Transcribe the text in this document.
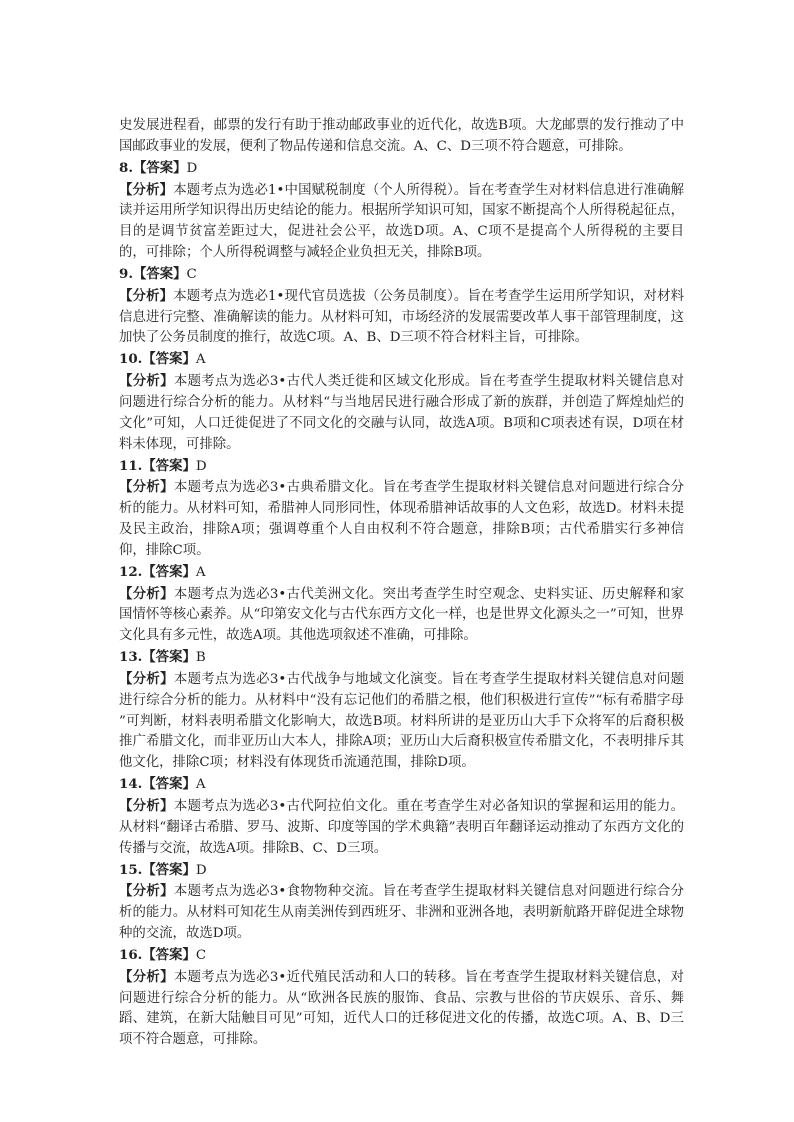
史发展进程看，邮票的发行有助于推动邮政事业的近代化，故选B项。大龙邮票的发行推动了中国邮政事业的发展，便利了物品传递和信息交流。A、C、D三项不符合题意，可排除。

8.【答案】D

【分析】本题考点为选必1•中国赋税制度（个人所得税）。旨在考查学生对材料信息进行准确解读并运用所学知识得出历史结论的能力。根据所学知识可知，国家不断提高个人所得税起征点，目的是调节贫富差距过大，促进社会公平，故选D项。A、C项不是提高个人所得税的主要目的，可排除；个人所得税调整与减轻企业负担无关，排除B项。

9.【答案】C

【分析】本题考点为选必1•现代官员选拔（公务员制度）。旨在考查学生运用所学知识，对材料信息进行完整、准确解读的能力。从材料可知，市场经济的发展需要改革人事干部管理制度，这加快了公务员制度的推行，故选C项。A、B、D三项不符合材料主旨，可排除。

10.【答案】A

【分析】本题考点为选必3•古代人类迁徙和区域文化形成。旨在考查学生提取材料关键信息对问题进行综合分析的能力。从材料“与当地居民进行融合形成了新的族群，并创造了辉煌灿烂的文化”可知，人口迁徙促进了不同文化的交融与认同，故选A项。B项和C项表述有误，D项在材料未体现，可排除。

11.【答案】D

【分析】本题考点为选必3•古典希腊文化。旨在考查学生提取材料关键信息对问题进行综合分析的能力。从材料可知，希腊神人同形同性，体现希腊神话故事的人文色彩，故选D。材料未提及民主政治，排除A项；强调尊重个人自由权利不符合题意，排除B项；古代希腊实行多神信仰，排除C项。

12.【答案】A

【分析】本题考点为选必3•古代美洲文化。突出考查学生时空观念、史料实证、历史解释和家国情怀等核心素养。从“印第安文化与古代东西方文化一样，也是世界文化源头之一”可知，世界文化具有多元性，故选A项。其他选项叙述不准确，可排除。

13.【答案】B

【分析】本题考点为选必3•古代战争与地域文化演变。旨在考查学生提取材料关键信息对问题进行综合分析的能力。从材料中“没有忘记他们的希腊之根，他们积极进行宣传”“标有希腊字母 ”可判断，材料表明希腊文化影响大，故选B项。材料所讲的是亚历山大手下众将军的后裔积极推广希腊文化，而非亚历山大本人，排除A项；亚历山大后裔积极宣传希腊文化，不表明排斥其他文化，排除C项；材料没有体现货币流通范围，排除D项。

14.【答案】A

【分析】本题考点为选必3•古代阿拉伯文化。重在考查学生对必备知识的掌握和运用的能力。从材料“翻译古希腊、罗马、波斯、印度等国的学术典籍”表明百年翻译运动推动了东西方文化的传播与交流，故选A项。排除B、C、D三项。

15.【答案】D

【分析】本题考点为选必3•食物物种交流。旨在考查学生提取材料关键信息对问题进行综合分析的能力。从材料可知花生从南美洲传到西班牙、非洲和亚洲各地，表明新航路开辟促进全球物种的交流，故选D项。

16.【答案】C

【分析】本题考点为选必3•近代殖民活动和人口的转移。旨在考查学生提取材料关键信息，对问题进行综合分析的能力。从“欧洲各民族的服饰、食品、宗教与世俗的节庆娱乐、音乐、舞蹈、建筑，在新大陆触目可见”可知，近代人口的迁移促进文化的传播，故选C项。A、B、D三项不符合题意，可排除。
